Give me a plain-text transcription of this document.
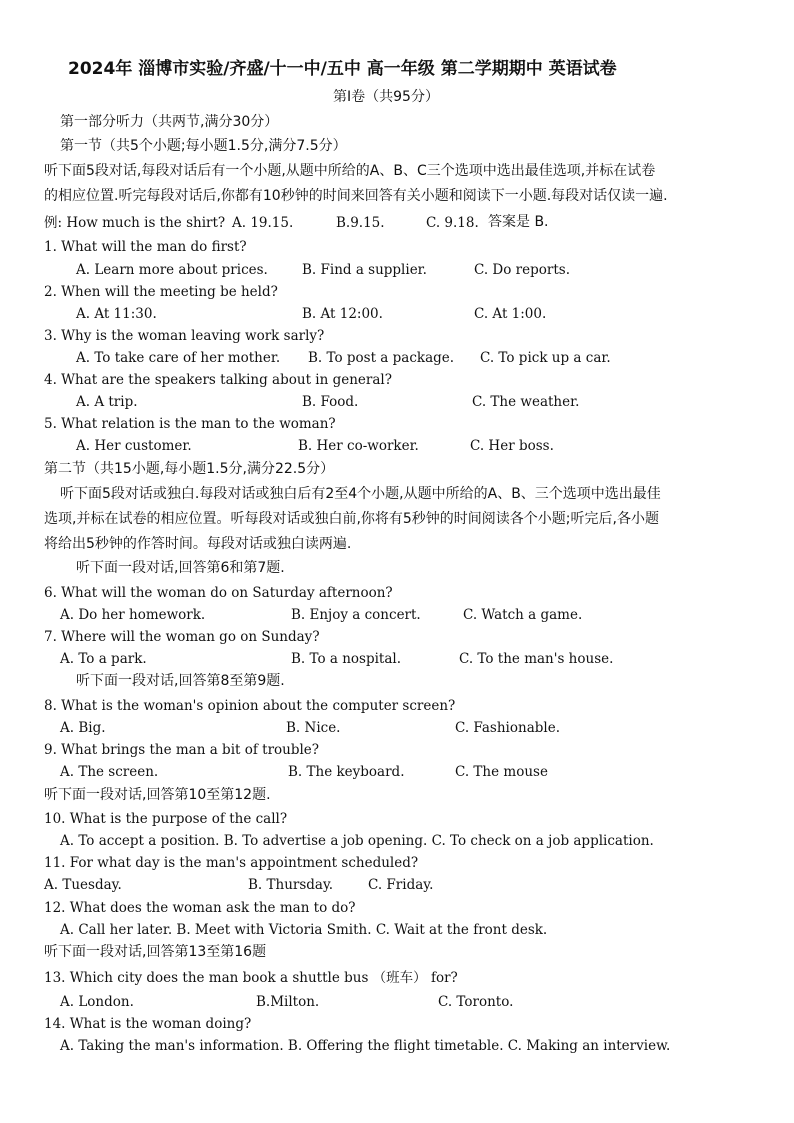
2024年 淄博市实验/齐盛/十一中/五中 高一年级 第二学期期中 英语试卷
第I卷（共95分）
第一部分听力（共两节,满分30分）
第一节（共5个小题;每小题1.5分,满分7.5分）
听下面5段对话,每段对话后有一个小题,从题中所给的A、B、C三个选项中选出最佳选项,并标在试卷
的相应位置.听完每段对话后,你都有10秒钟的时间来回答有关小题和阅读下一小题.每段对话仅读一遍.
例: How much is the shirt? A. 19.15.	B.9.15.	C. 9.18. 答案是 B.
1. What will the man do first?
A. Learn more about prices.	B. Find a supplier.	C. Do reports.
2. When will the meeting be held?
A. At 11:30.	B. At 12:00.	C. At 1:00.
3. Why is the woman leaving work sarly?
A. To take care of her mother. B. To post a package. C. To pick up a car.
4. What are the speakers talking about in general?
A. A trip.	B. Food.	C. The weather.
5. What relation is the man to the woman?
A. Her customer.	B. Her co-worker.	C. Her boss.
第二节（共15小题,每小题1.5分,满分22.5分）
听下面5段对话或独白.每段对话或独白后有2至4个小题,从题中所给的A、B、三个选项中选出最佳
选项,并标在试卷的相应位置。听每段对话或独白前,你将有5秒钟的时间阅读各个小题;听完后,各小题
将给出5秒钟的作答时间。每段对话或独白读两遍.
听下面一段对话,回答第6和第7题.
6. What will the woman do on Saturday afternoon?
A. Do her homework.	B. Enjoy a concert.	C. Watch a game.
7. Where will the woman go on Sunday?
A. To a park.	B. To a nospital.	C. To the man's house.
听下面一段对话,回答第8至第9题.
8. What is the woman's opinion about the computer screen?
A. Big.	B. Nice.	C. Fashionable.
9. What brings the man a bit of trouble?
A. The screen.	B. The keyboard.	C. The mouse
听下面一段对话,回答第10至第12题.
10. What is the purpose of the call?
A. To accept a position. B. To advertise a job opening. C. To check on a job application.
11. For what day is the man's appointment scheduled?
A. Tuesday.	B. Thursday.	C. Friday.
12. What does the woman ask the man to do?
A. Call her later. B. Meet with Victoria Smith. C. Wait at the front desk.
听下面一段对话,回答第13至第16题
13. Which city does the man book a shuttle bus （班车） for?
A. London.	B.Milton.	C. Toronto.
14. What is the woman doing?
A. Taking the man's information. B. Offering the flight timetable. C. Making an interview.
